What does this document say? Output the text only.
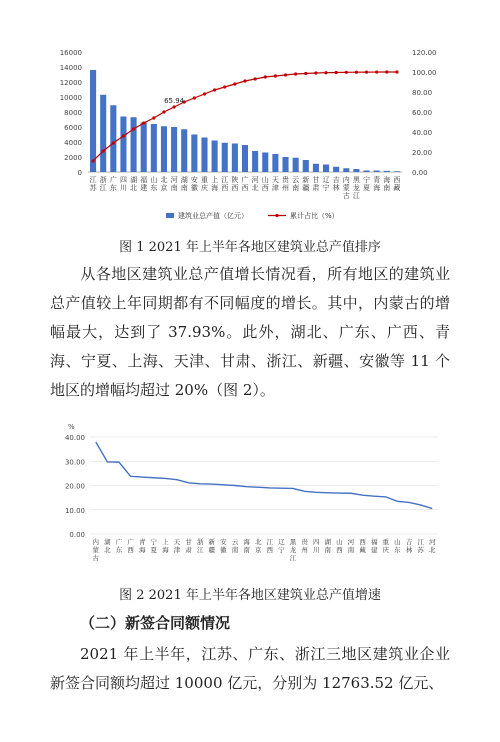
0
2000
4000
6000
8000
10000
12000
14000
16000
0.00
20.00
40.00
60.00
80.00
100.00
120.00
江苏
浙江
广东
四川
湖北
福建
山东
北京
河南
湖南
安徽
重庆
上海
江西
陕西
广西
河北
山西
天津
贵州
云南
新疆
甘肃
辽宁
吉林
内蒙古
黑龙江
宁夏
青海
海南
西藏
65.94
建筑业总产值（亿元）	累计占比（%）
图 1 2021 年上半年各地区建筑业总产值排序

从各地区建筑业总产值增长情况看，所有地区的建筑业总产值较上年同期都有不同幅度的增长。其中，内蒙古的增幅最大，达到了 37.93%。此外，湖北、广东、广西、青海、宁夏、上海、天津、甘肃、浙江、新疆、安徽等 11 个地区的增幅均超过 20%（图 2）。

%
0.00
10.00
20.00
30.00
40.00
内蒙古
湖北
广东
广西
青海
宁夏
上海
天津
甘肃
浙江
新疆
安徽
云南
海南
北京
江西
辽宁
黑龙江
贵州
四川
湖南
山西
河南
西藏
福建
重庆
山东
吉林
江苏
河北
图 2 2021 年上半年各地区建筑业总产值增速
（二）新签合同额情况

2021 年上半年，江苏、广东、浙江三地区建筑业企业新签合同额均超过 10000 亿元，分别为 12763.52 亿元、
